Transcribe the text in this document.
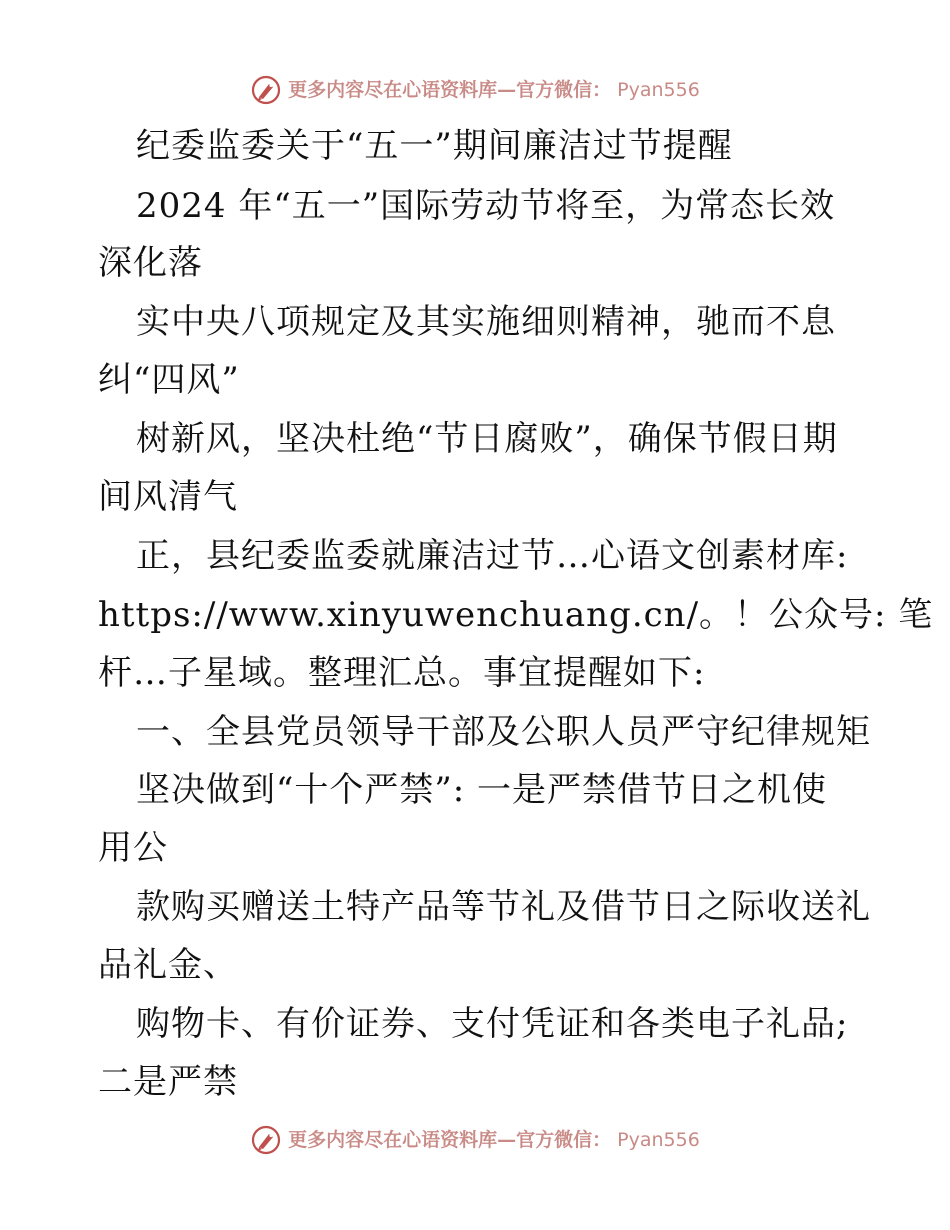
更多内容尽在心语资料库—官方微信： Pyan556
纪委监委关于“五一”期间廉洁过节提醒
2024 年“五一”国际劳动节将至，为常态长效
深化落
实中央八项规定及其实施细则精神，驰而不息
纠“四风”
树新风，坚决杜绝“节日腐败”，确保节假日期
间风清气
正，县纪委监委就廉洁过节…心语文创素材库:
https://www.xinyuwenchuang.cn/。！公众号: 笔
杆…子星域。整理汇总。事宜提醒如下:
一、全县党员领导干部及公职人员严守纪律规矩
坚决做到“十个严禁”: 一是严禁借节日之机使
用公
款购买赠送土特产品等节礼及借节日之际收送礼
品礼金、
购物卡、有价证券、支付凭证和各类电子礼品;
二是严禁
更多内容尽在心语资料库—官方微信： Pyan556
